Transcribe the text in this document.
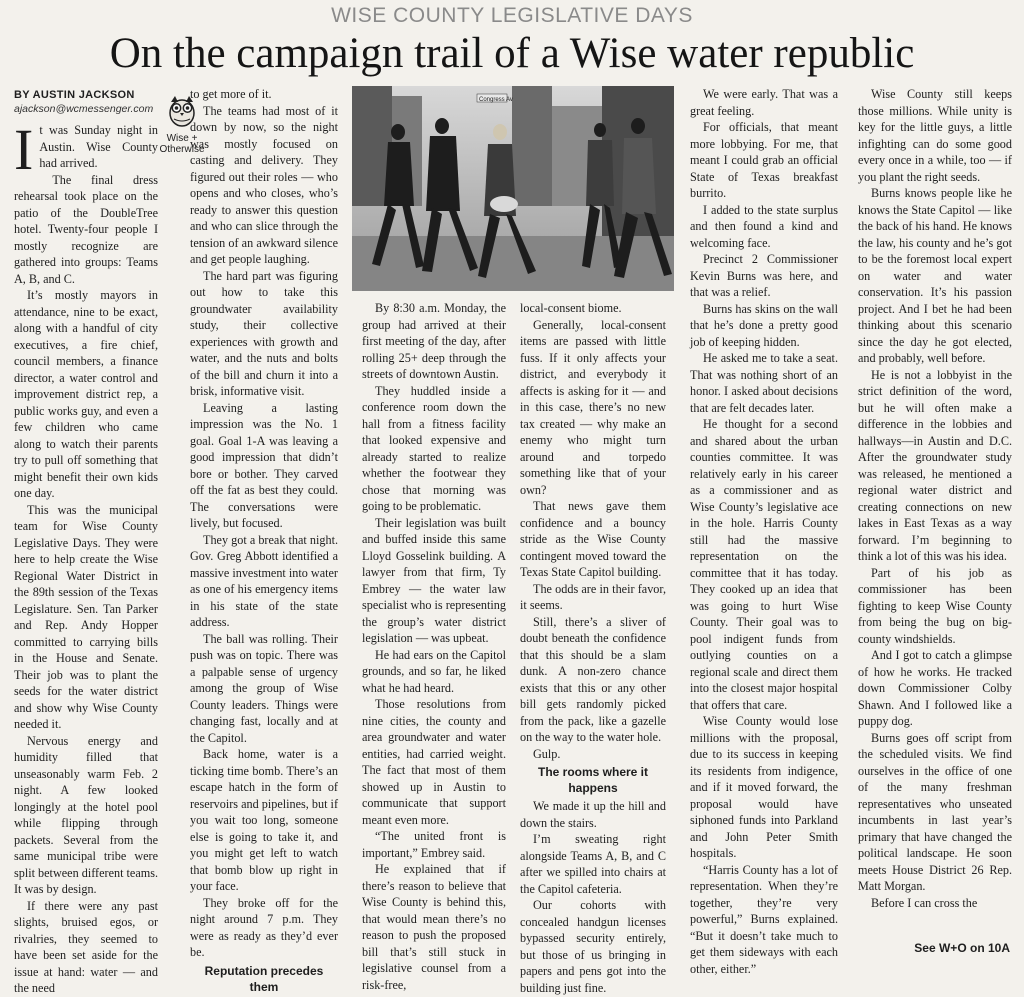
WISE COUNTY LEGISLATIVE DAYS
On the campaign trail of a Wise water republic
BY AUSTIN JACKSON
ajackson@wcmessenger.com
I t was Sunday night in Austin. Wise County had arrived.

The final dress rehearsal took place on the patio of the DoubleTree hotel. Twenty-four people I mostly recognize are gathered into groups: Teams A, B, and C.

It’s mostly mayors in attendance, nine to be exact, along with a handful of city executives, a fire chief, council members, a finance director, a water control and improvement district rep, a public works guy, and even a few children who came along to watch their parents try to pull off something that might benefit their own kids one day.

This was the municipal team for Wise County Legislative Days. They were here to help create the Wise Regional Water District in the 89th session of the Texas Legislature. Sen. Tan Parker and Rep. Andy Hopper committed to carrying bills in the House and Senate. Their job was to plant the seeds for the water district and show why Wise County needed it.

Nervous energy and humidity filled that unseasonably warm Feb. 2 night. A few looked longingly at the hotel pool while flipping through packets. Several from the same municipal tribe were split between different teams. It was by design.

If there were any past slights, bruised egos, or rivalries, they seemed to have been set aside for the issue at hand: water — and the need

Wise +
Otherwise

to get more of it.

The teams had most of it down by now, so the night was mostly focused on casting and delivery. They figured out their roles — who opens and who closes, who’s ready to answer this question and who can slice through the tension of an awkward silence and get people laughing.

The hard part was figuring out how to take this groundwater availability study, their collective experiences with growth and water, and the nuts and bolts of the bill and churn it into a brisk, informative visit.

Leaving a lasting impression was the No. 1 goal. Goal 1-A was leaving a good impression that didn’t bore or bother. They carved off the fat as best they could. The conversations were lively, but focused.

They got a break that night. Gov. Greg Abbott identified a massive investment into water as one of his emergency items in his state of the state address.

The ball was rolling. Their push was on topic. There was a palpable sense of urgency among the group of Wise County leaders. Things were changing fast, locally and at the Capitol.

Back home, water is a ticking time bomb. There’s an escape hatch in the form of reservoirs and pipelines, but if you wait too long, someone else is going to take it, and you might get left to watch that bomb blow up right in your face.

They broke off for the night around 7 p.m. They were as ready as they’d ever be.

Reputation precedes them

Congress Av

By 8:30 a.m. Monday, the group had arrived at their first meeting of the day, after rolling 25+ deep through the streets of downtown Austin.

They huddled inside a conference room down the hall from a fitness facility that looked expensive and already started to realize whether the footwear they chose that morning was going to be problematic.

Their legislation was built and buffed inside this same Lloyd Gosselink building. A lawyer from that firm, Ty Embrey — the water law specialist who is representing the group’s water district legislation — was upbeat.

He had ears on the Capitol grounds, and so far, he liked what he had heard.

Those resolutions from nine cities, the county and area groundwater and water entities, had carried weight. The fact that most of them showed up in Austin to communicate that support meant even more.

“The united front is important,” Embrey said.

He explained that if there’s reason to believe that Wise County is behind this, that would mean there’s no reason to push the proposed bill that’s still stuck in legislative counsel from a risk-free,

local-consent biome.

Generally, local-consent items are passed with little fuss. If it only affects your district, and everybody it affects is asking for it — and in this case, there’s no new tax created — why make an enemy who might turn around and torpedo something like that of your own?

That news gave them confidence and a bouncy stride as the Wise County contingent moved toward the Texas State Capitol building.

The odds are in their favor, it seems.

Still, there’s a sliver of doubt beneath the confidence that this should be a slam dunk. A non-zero chance exists that this or any other bill gets randomly picked from the pack, like a gazelle on the way to the water hole.

Gulp.

The rooms where it happens

We made it up the hill and down the stairs.

I’m sweating right alongside Teams A, B, and C after we spilled into chairs at the Capitol cafeteria.

Our cohorts with concealed handgun licenses bypassed security entirely, but those of us bringing in papers and pens got into the building just fine.

We were early. That was a great feeling.

For officials, that meant more lobbying. For me, that meant I could grab an official State of Texas breakfast burrito.

I added to the state surplus and then found a kind and welcoming face.

Precinct 2 Commissioner Kevin Burns was here, and that was a relief.

Burns has skins on the wall that he’s done a pretty good job of keeping hidden.

He asked me to take a seat. That was nothing short of an honor. I asked about decisions that are felt decades later.

He thought for a second and shared about the urban counties committee. It was relatively early in his career as a commissioner and as Wise County’s legislative ace in the hole. Harris County still had the massive representation on the committee that it has today. They cooked up an idea that was going to hurt Wise County. Their goal was to pool indigent funds from outlying counties on a regional scale and direct them into the closest major hospital that offers that care.

Wise County would lose millions with the proposal, due to its success in keeping its residents from indigence, and if it moved forward, the proposal would have siphoned funds into Parkland and John Peter Smith hospitals.

“Harris County has a lot of representation. When they’re together, they’re very powerful,” Burns explained. “But it doesn’t take much to get them sideways with each other, either.”

Wise County still keeps those millions. While unity is key for the little guys, a little infighting can do some good every once in a while, too — if you plant the right seeds.

Burns knows people like he knows the State Capitol — like the back of his hand. He knows the law, his county and he’s got to be the foremost local expert on water and water conservation. It’s his passion project. And I bet he had been thinking about this scenario since the day he got elected, and probably, well before.

He is not a lobbyist in the strict definition of the word, but he will often make a difference in the lobbies and hallways—in Austin and D.C. After the groundwater study was released, he mentioned a regional water district and creating connections on new lakes in East Texas as a way forward. I’m beginning to think a lot of this was his idea.

Part of his job as commissioner has been fighting to keep Wise County from being the bug on big-county windshields.

And I got to catch a glimpse of how he works. He tracked down Commissioner Colby Shawn. And I followed like a puppy dog.

Burns goes off script from the scheduled visits. We find ourselves in the office of one of the many freshman representatives who unseated incumbents in last year’s primary that have changed the political landscape. He soon meets House District 26 Rep. Matt Morgan.

Before I can cross the

See W+O on 10A
